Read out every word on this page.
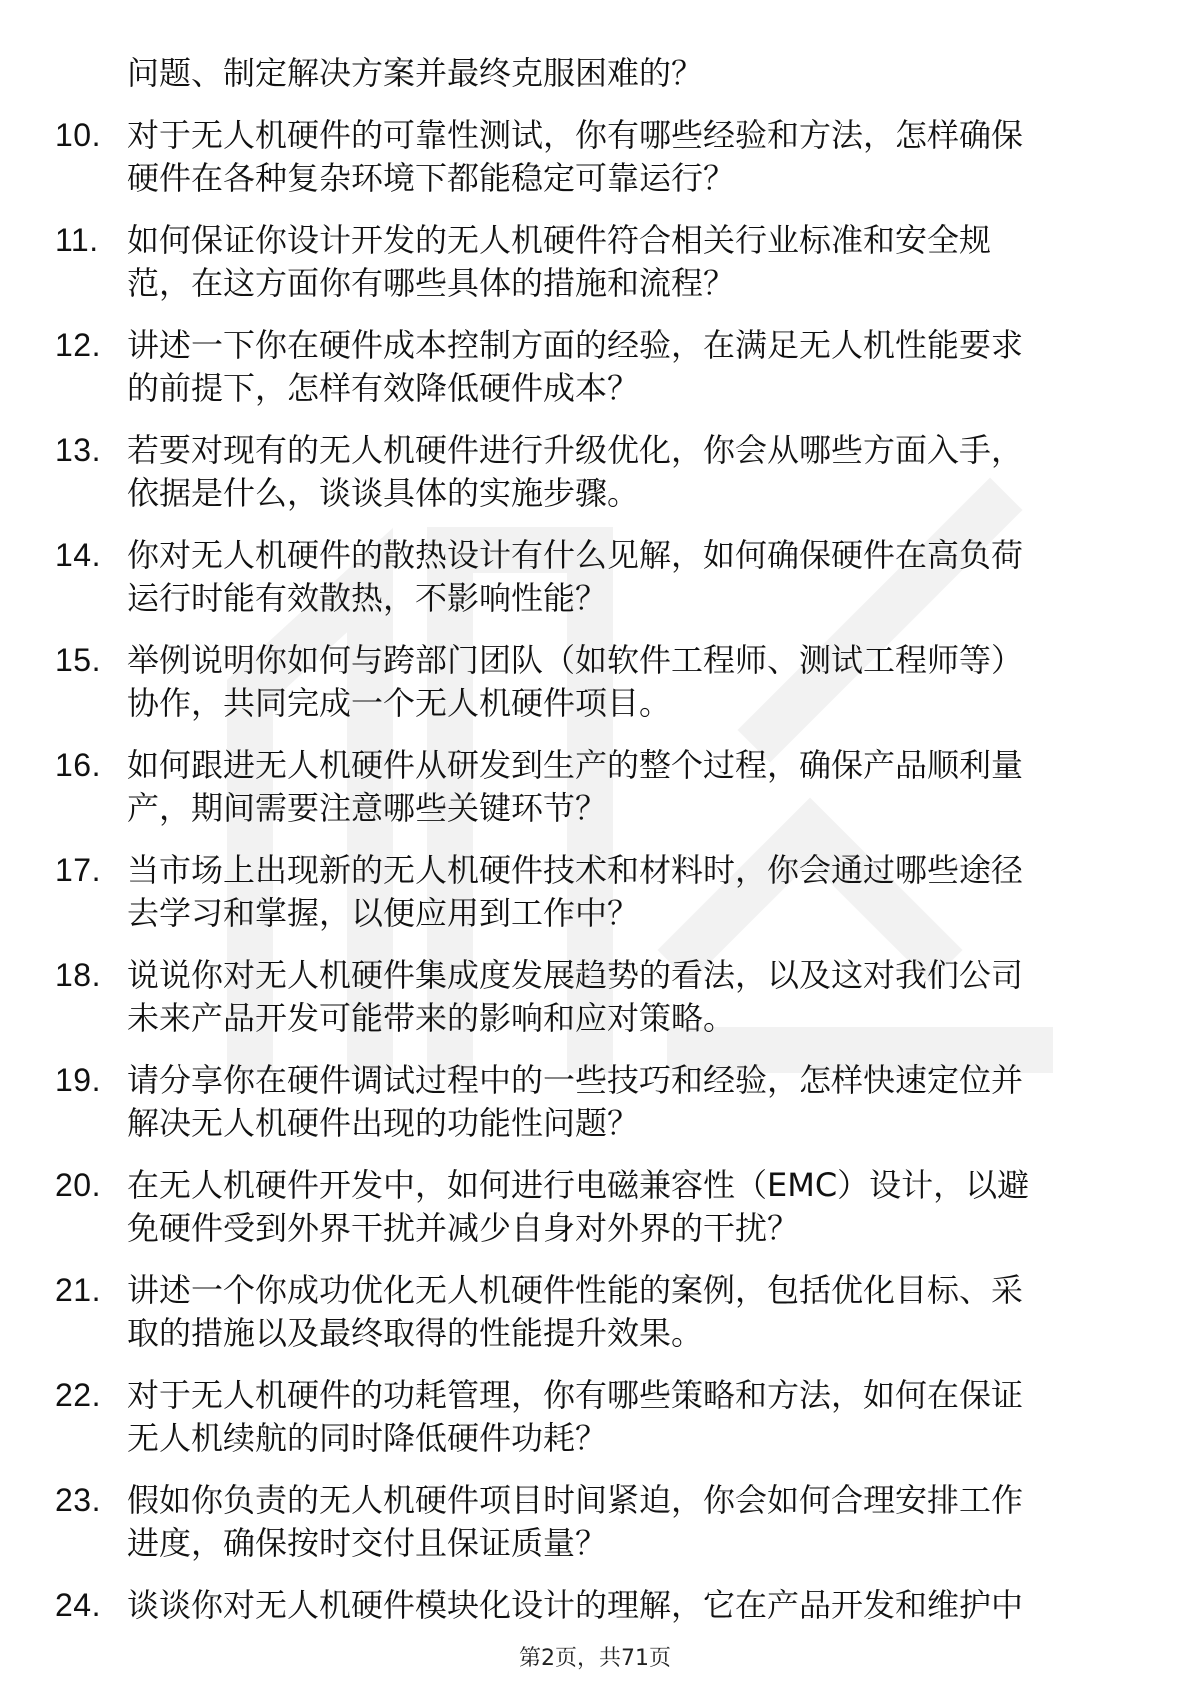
问题、制定解决方案并最终克服困难的？
10. 对于无人机硬件的可靠性测试，你有哪些经验和方法，怎样确保
硬件在各种复杂环境下都能稳定可靠运行？
11. 如何保证你设计开发的无人机硬件符合相关行业标准和安全规
范，在这方面你有哪些具体的措施和流程？
12. 讲述一下你在硬件成本控制方面的经验，在满足无人机性能要求
的前提下，怎样有效降低硬件成本？
13. 若要对现有的无人机硬件进行升级优化，你会从哪些方面入手，
依据是什么，谈谈具体的实施步骤。
14. 你对无人机硬件的散热设计有什么见解，如何确保硬件在高负荷
运行时能有效散热，不影响性能？
15. 举例说明你如何与跨部门团队（如软件工程师、测试工程师等）
协作，共同完成一个无人机硬件项目。
16. 如何跟进无人机硬件从研发到生产的整个过程，确保产品顺利量
产，期间需要注意哪些关键环节？
17. 当市场上出现新的无人机硬件技术和材料时，你会通过哪些途径
去学习和掌握，以便应用到工作中？
18. 说说你对无人机硬件集成度发展趋势的看法，以及这对我们公司
未来产品开发可能带来的影响和应对策略。
19. 请分享你在硬件调试过程中的一些技巧和经验，怎样快速定位并
解决无人机硬件出现的功能性问题？
20. 在无人机硬件开发中，如何进行电磁兼容性（EMC）设计，以避
免硬件受到外界干扰并减少自身对外界的干扰？
21. 讲述一个你成功优化无人机硬件性能的案例，包括优化目标、采
取的措施以及最终取得的性能提升效果。
22. 对于无人机硬件的功耗管理，你有哪些策略和方法，如何在保证
无人机续航的同时降低硬件功耗？
23. 假如你负责的无人机硬件项目时间紧迫，你会如何合理安排工作
进度，确保按时交付且保证质量？
24. 谈谈你对无人机硬件模块化设计的理解，它在产品开发和维护中
第2页，共71页
